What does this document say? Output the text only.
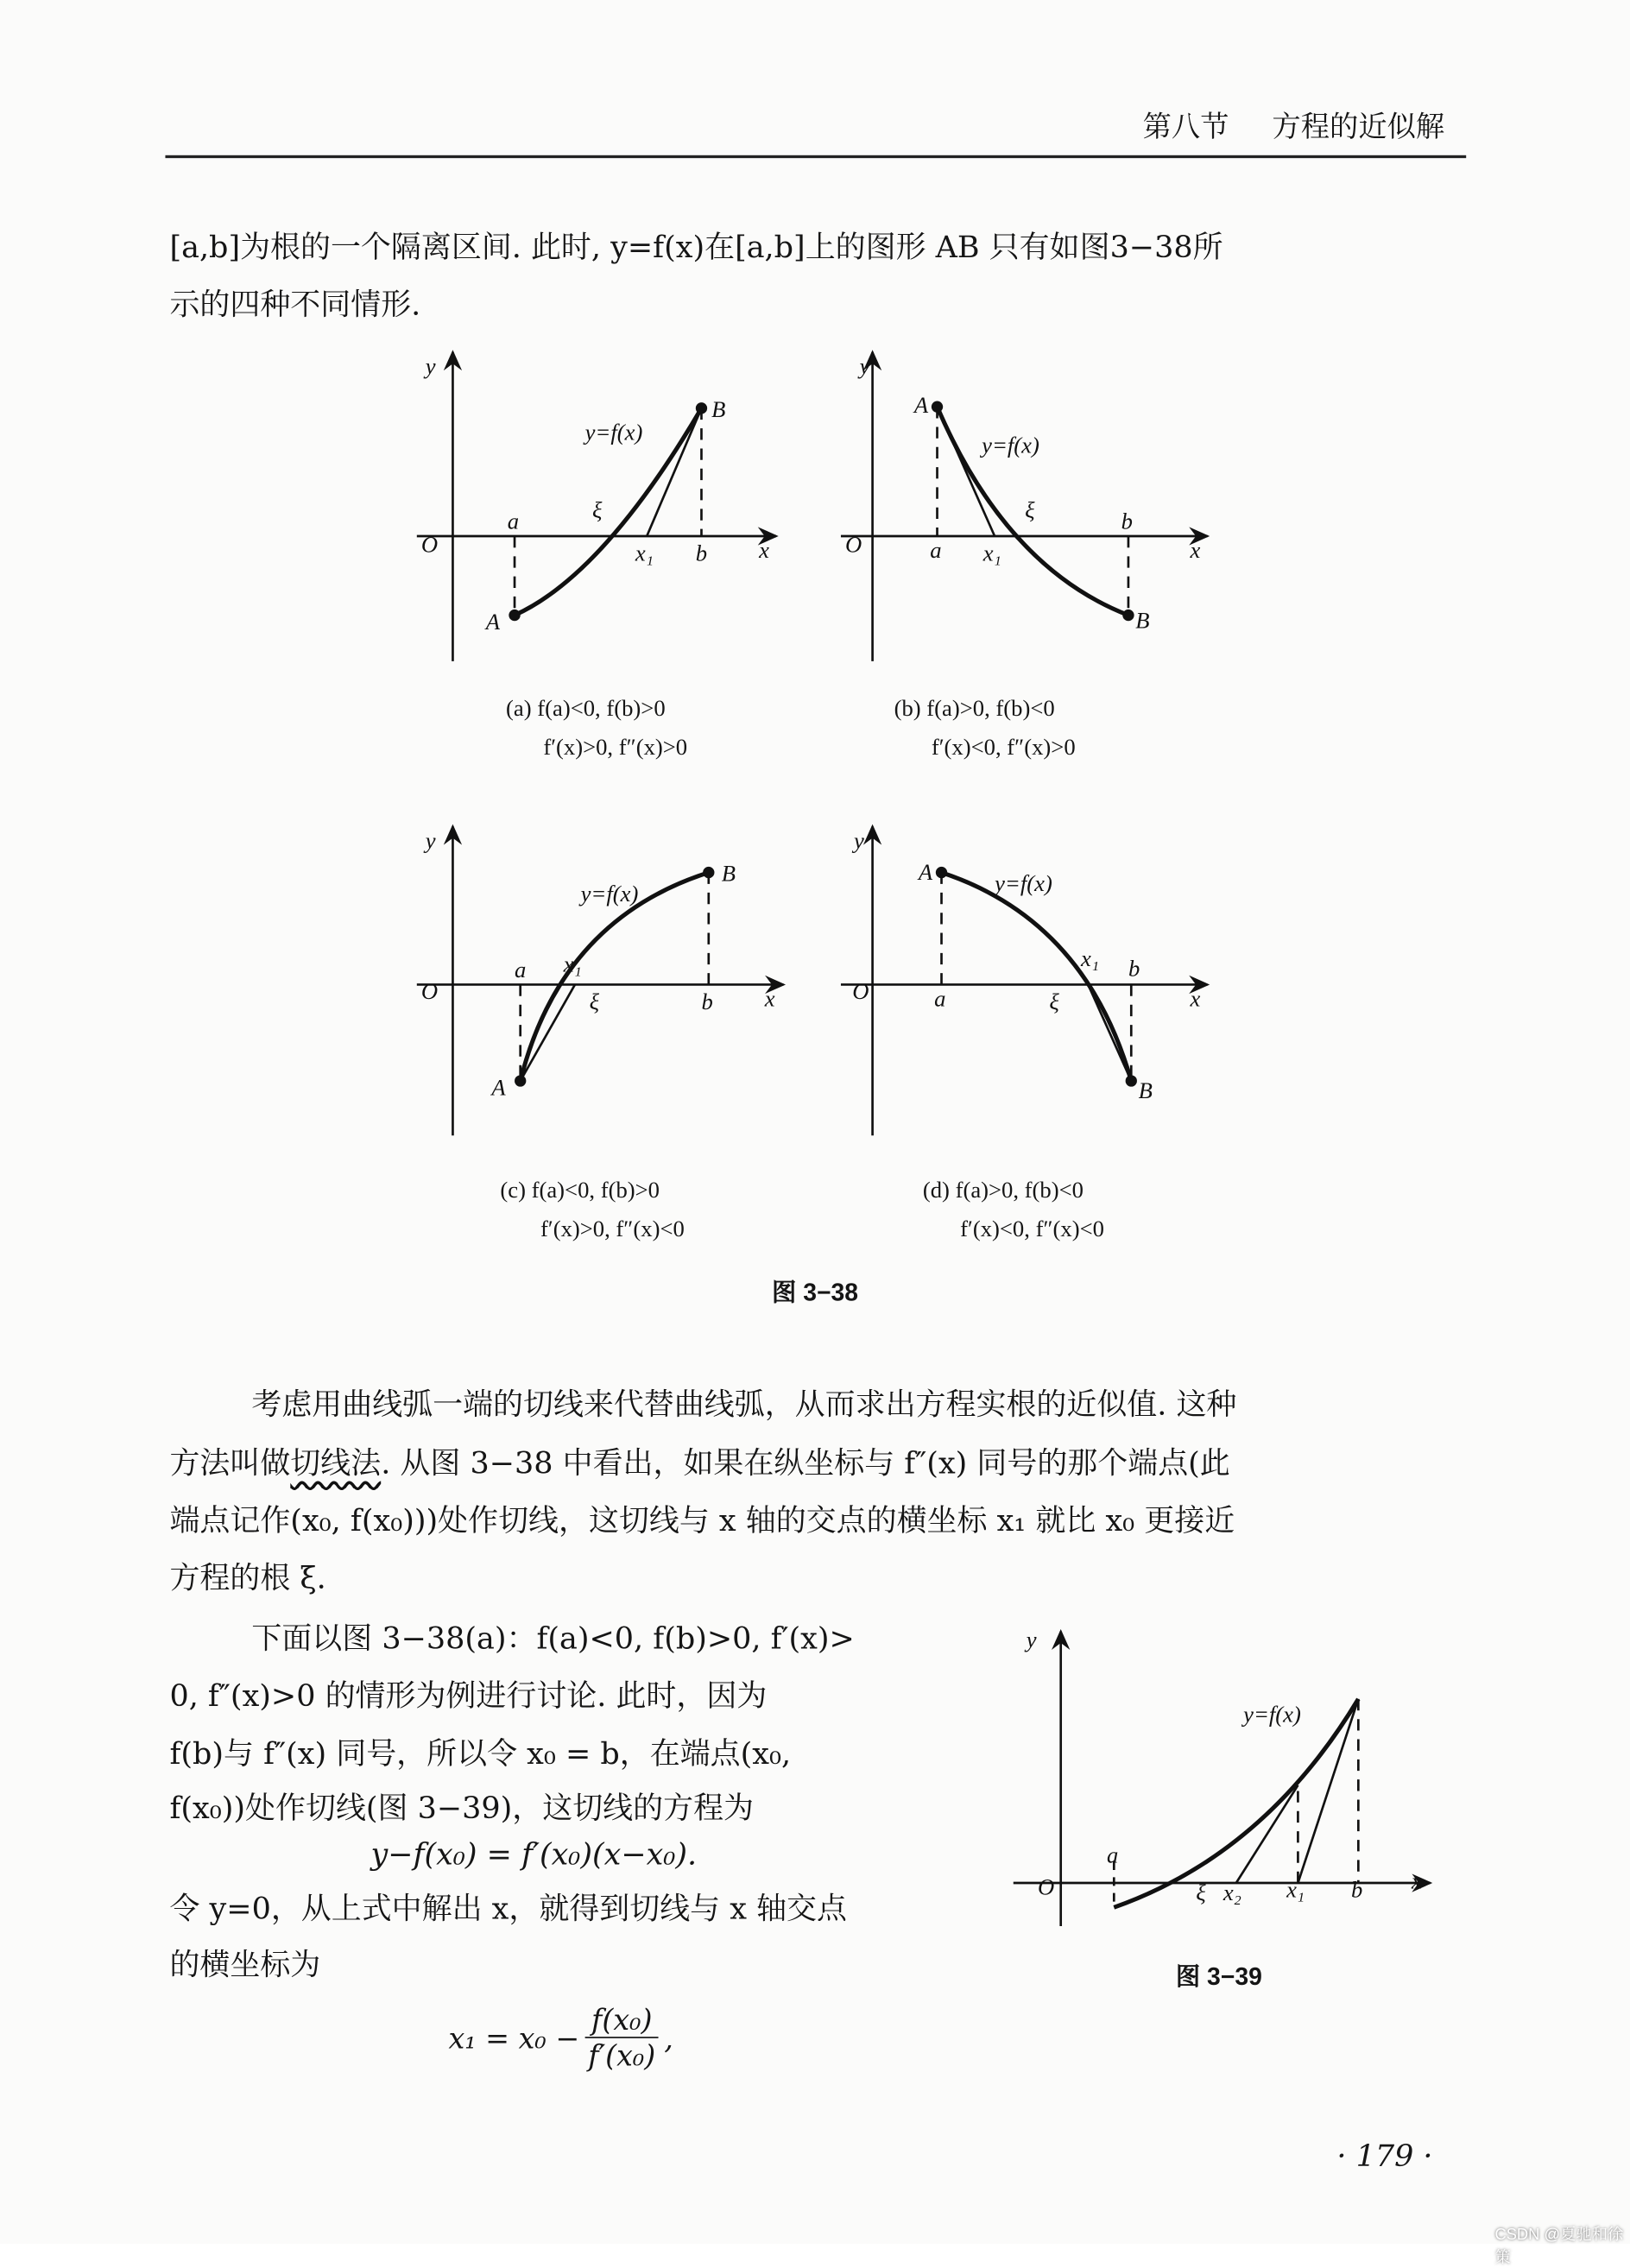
第八节 方程的近似解
[a,b]为根的一个隔离区间. 此时, y=f(x)在[a,b]上的图形 AB 只有如图3−38所
示的四种不同情形.
y
O	x
a	ξ
x₁	b
y=f(x)
B
A
y
O	x
A
y=f(x)
ξ
a	x₁
b
B
y
O	x
a	x₁
ξ	b
y=f(x)
B
A
y
O	x
A	y=f(x)
x₁ b
a	ξ
B
y
O	x
a
ξ x₂	x₁	b
y=f(x)
(a) f(a)<0, f(b)>0
f′(x)>0, f″(x)>0
(b) f(a)>0, f(b)<0
f′(x)<0, f″(x)>0
(c) f(a)<0, f(b)>0
f′(x)>0, f″(x)<0
(d) f(a)>0, f(b)<0
f′(x)<0, f″(x)<0
图 3−38
考虑用曲线弧一端的切线来代替曲线弧，从而求出方程实根的近似值. 这种
方法叫做切线法. 从图 3−38 中看出，如果在纵坐标与 f″(x) 同号的那个端点(此
端点记作(x₀, f(x₀)))处作切线，这切线与 x 轴的交点的横坐标 x₁ 就比 x₀ 更接近
方程的根 ξ.
下面以图 3−38(a)：f(a)<0, f(b)>0, f′(x)>
0, f″(x)>0 的情形为例进行讨论. 此时，因为
f(b)与 f″(x) 同号，所以令 x₀ = b，在端点(x₀,
f(x₀))处作切线(图 3−39)，这切线的方程为
y−f(x₀) = f′(x₀)(x−x₀).
令 y=0，从上式中解出 x，就得到切线与 x 轴交点
的横坐标为
$x_1 = x_0 - \frac{\text{f(x₀)}}{\text{f′(x₀)}}$ ,
图 3−39
· 179 ·
CSDN @夏驰和徐策
